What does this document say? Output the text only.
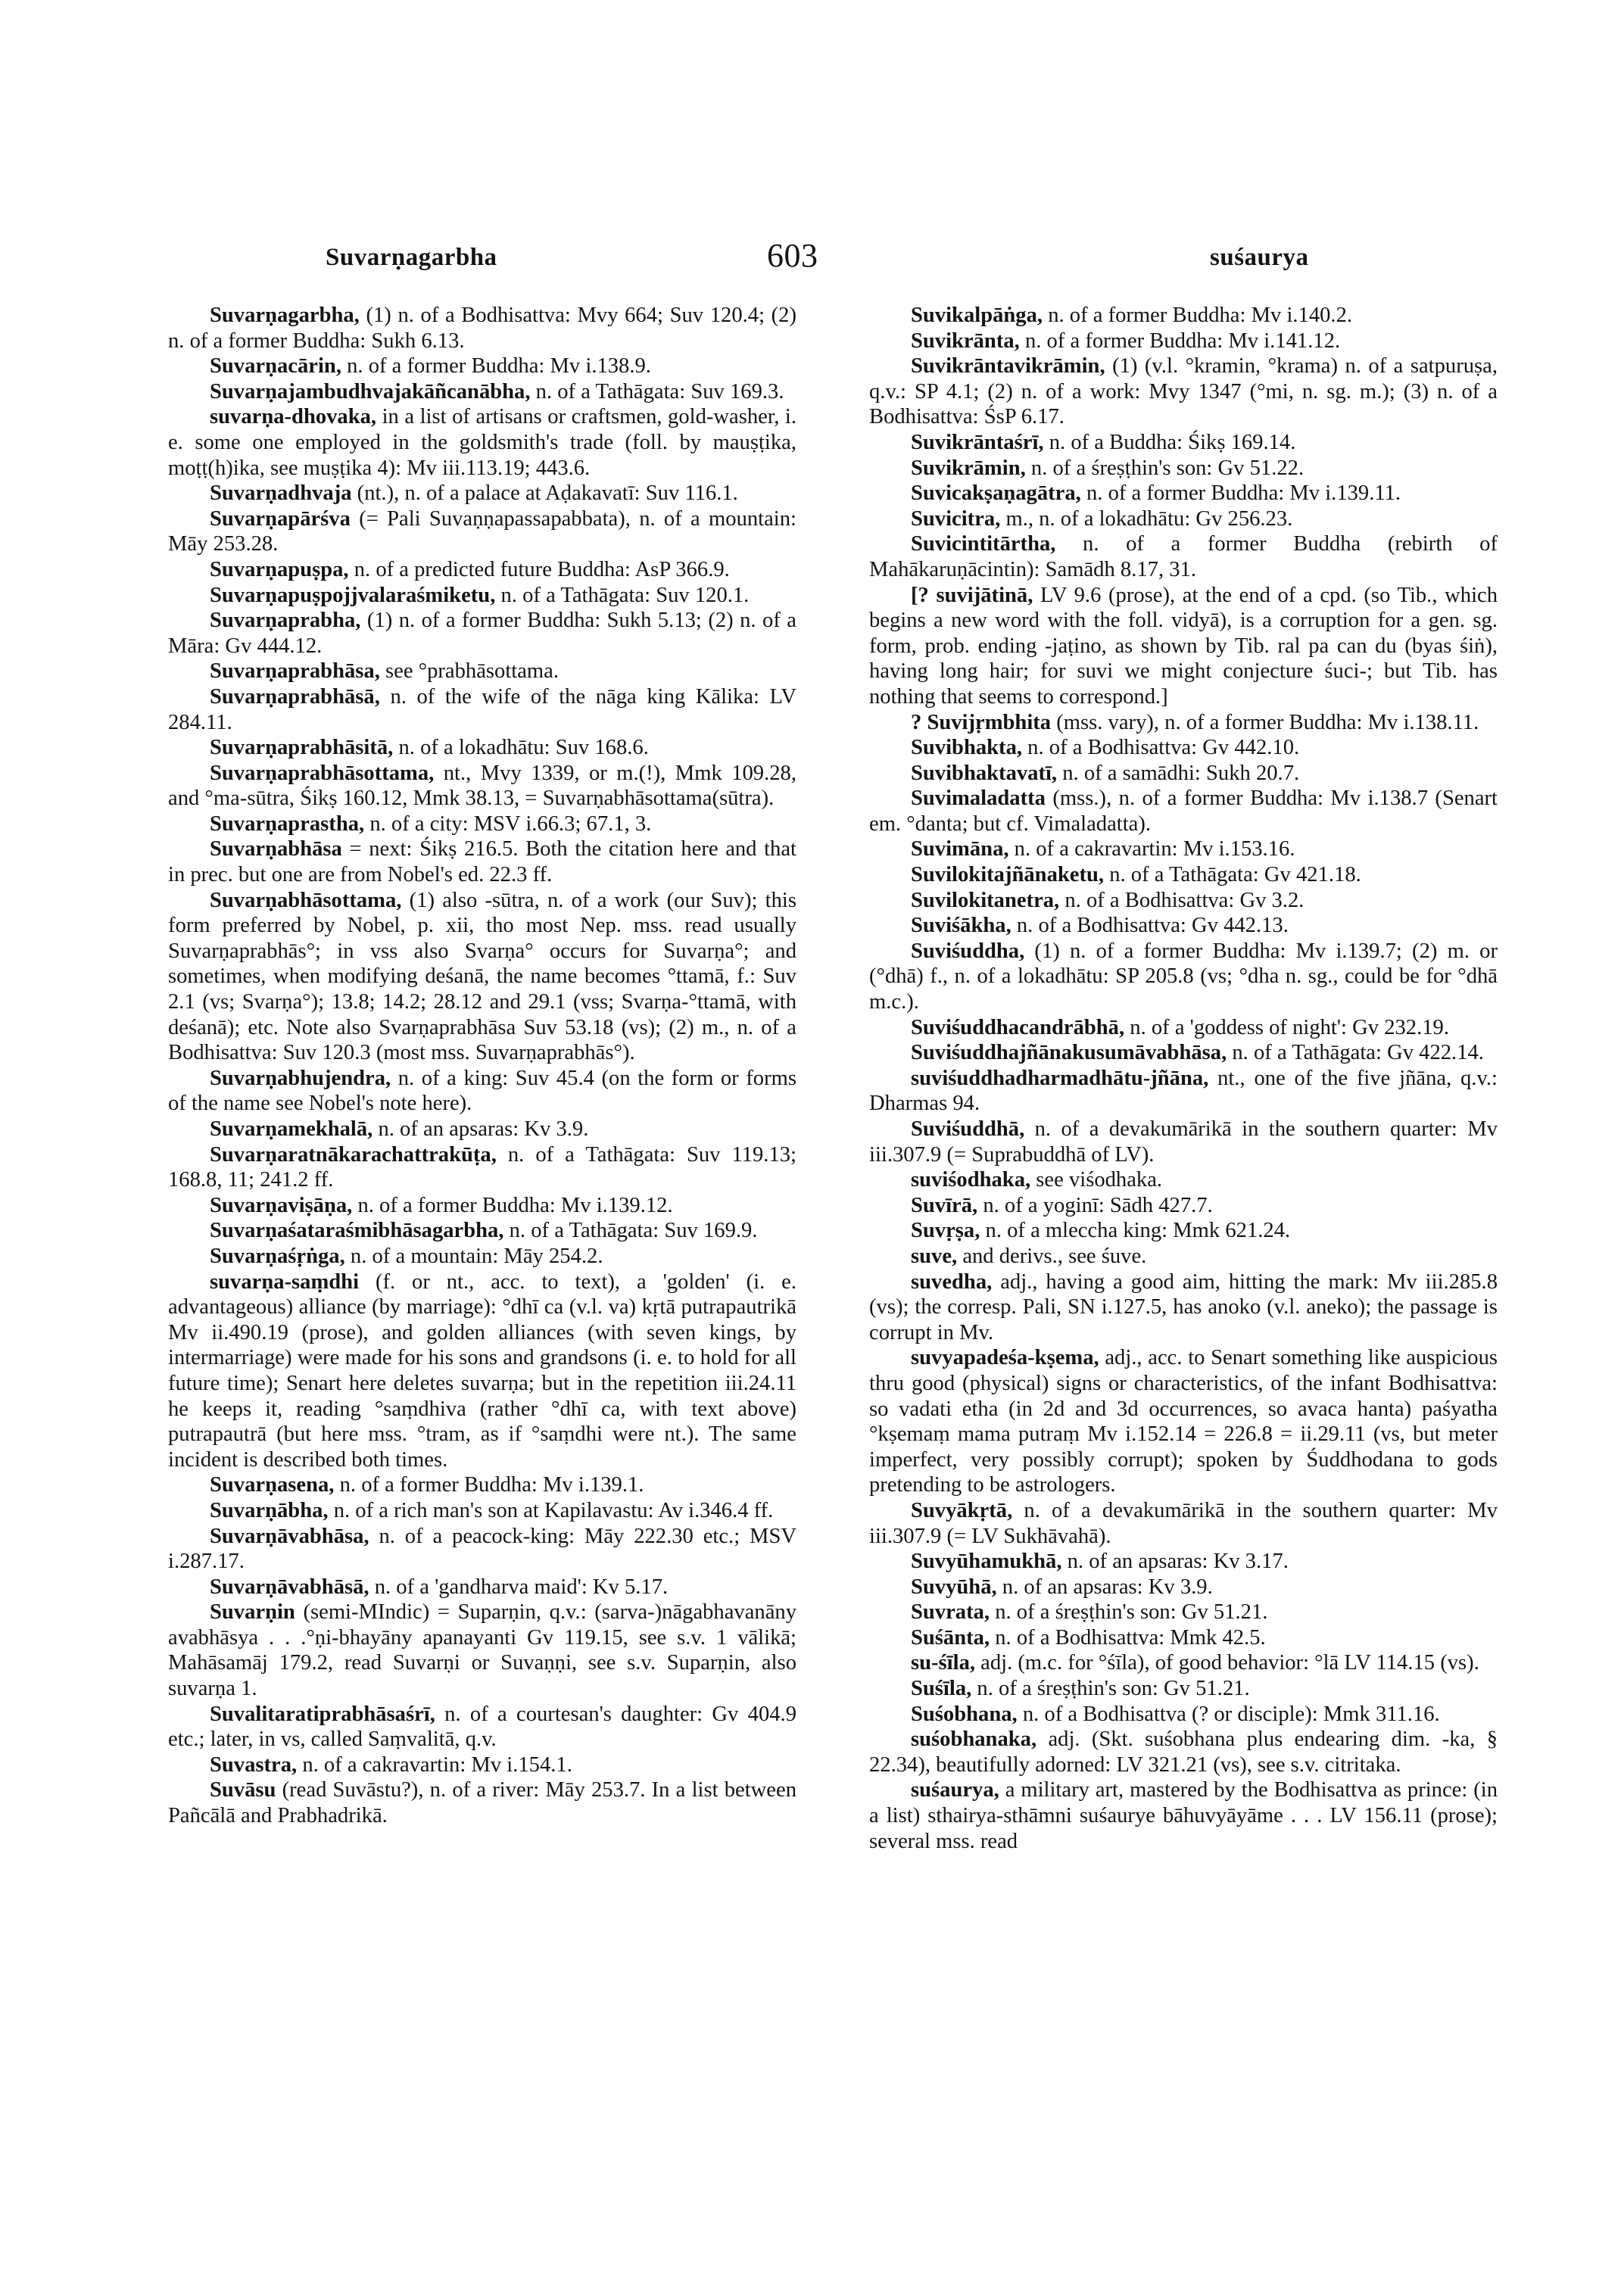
Suvarṇagarbha	603	suśaurya

Suvarṇagarbha, (1) n. of a Bodhisattva: Mvy 664; Suv 120.4; (2) n. of a former Buddha: Sukh 6.13.

Suvarṇacārin, n. of a former Buddha: Mv i.138.9.

Suvarṇajambudhvajakāñcanābha, n. of a Tathāgata: Suv 169.3.

suvarṇa-dhovaka, in a list of artisans or craftsmen, gold-washer, i. e. some one employed in the goldsmith's trade (foll. by mauṣṭika, moṭṭ(h)ika, see muṣṭika 4): Mv iii.113.19; 443.6.

Suvarṇadhvaja (nt.), n. of a palace at Aḍakavatī: Suv 116.1.

Suvarṇapārśva (= Pali Suvaṇṇapassapabbata), n. of a mountain: Māy 253.28.

Suvarṇapuṣpa, n. of a predicted future Buddha: AsP 366.9.

Suvarṇapuṣpojjvalaraśmiketu, n. of a Tathāgata: Suv 120.1.

Suvarṇaprabha, (1) n. of a former Buddha: Sukh 5.13; (2) n. of a Māra: Gv 444.12.

Suvarṇaprabhāsa, see °prabhāsottama.

Suvarṇaprabhāsā, n. of the wife of the nāga king Kālika: LV 284.11.

Suvarṇaprabhāsitā, n. of a lokadhātu: Suv 168.6.

Suvarṇaprabhāsottama, nt., Mvy 1339, or m.(!), Mmk 109.28, and °ma-sūtra, Śikṣ 160.12, Mmk 38.13, = Suvarṇabhāsottama(sūtra).

Suvarṇaprastha, n. of a city: MSV i.66.3; 67.1, 3.

Suvarṇabhāsa = next: Śikṣ 216.5. Both the citation here and that in prec. but one are from Nobel's ed. 22.3 ff.

Suvarṇabhāsottama, (1) also -sūtra, n. of a work (our Suv); this form preferred by Nobel, p. xii, tho most Nep. mss. read usually Suvarṇaprabhās°; in vss also Svarṇa° occurs for Suvarṇa°; and sometimes, when modifying deśanā, the name becomes °ttamā, f.: Suv 2.1 (vs; Svarṇa°); 13.8; 14.2; 28.12 and 29.1 (vss; Svarṇa-°ttamā, with deśanā); etc. Note also Svarṇaprabhāsa Suv 53.18 (vs); (2) m., n. of a Bodhisattva: Suv 120.3 (most mss. Suvarṇaprabhās°).

Suvarṇabhujendra, n. of a king: Suv 45.4 (on the form or forms of the name see Nobel's note here).

Suvarṇamekhalā, n. of an apsaras: Kv 3.9.

Suvarṇaratnākarachattrakūṭa, n. of a Tathāgata: Suv 119.13; 168.8, 11; 241.2 ff.

Suvarṇaviṣāṇa, n. of a former Buddha: Mv i.139.12.

Suvarṇaśataraśmibhāsagarbha, n. of a Tathāgata: Suv 169.9.

Suvarṇaśṛṅga, n. of a mountain: Māy 254.2.

suvarṇa-saṃdhi (f. or nt., acc. to text), a 'golden' (i. e. advantageous) alliance (by marriage): °dhī ca (v.l. va) kṛtā putrapautrikā Mv ii.490.19 (prose), and golden alliances (with seven kings, by intermarriage) were made for his sons and grandsons (i. e. to hold for all future time); Senart here deletes suvarṇa; but in the repetition iii.24.11 he keeps it, reading °saṃdhiva (rather °dhī ca, with text above) putrapautrā (but here mss. °tram, as if °saṃdhi were nt.). The same incident is described both times.

Suvarṇasena, n. of a former Buddha: Mv i.139.1.

Suvarṇābha, n. of a rich man's son at Kapilavastu: Av i.346.4 ff.

Suvarṇāvabhāsa, n. of a peacock-king: Māy 222.30 etc.; MSV i.287.17.

Suvarṇāvabhāsā, n. of a 'gandharva maid': Kv 5.17.

Suvarṇin (semi-MIndic) = Suparṇin, q.v.: (sarva-)nāgabhavanāny avabhāsya . . .°ṇi-bhayāny apanayanti Gv 119.15, see s.v. 1 vālikā; Mahāsamāj 179.2, read Suvarṇi or Suvaṇṇi, see s.v. Suparṇin, also suvarṇa 1.

Suvalitaratiprabhāsaśrī, n. of a courtesan's daughter: Gv 404.9 etc.; later, in vs, called Saṃvalitā, q.v.

Suvastra, n. of a cakravartin: Mv i.154.1.

Suvāsu (read Suvāstu?), n. of a river: Māy 253.7. In a list between Pañcālā and Prabhadrikā.

Suvikalpāṅga, n. of a former Buddha: Mv i.140.2.

Suvikrānta, n. of a former Buddha: Mv i.141.12.

Suvikrāntavikrāmin, (1) (v.l. °kramin, °krama) n. of a satpuruṣa, q.v.: SP 4.1; (2) n. of a work: Mvy 1347 (°mi, n. sg. m.); (3) n. of a Bodhisattva: ŚsP 6.17.

Suvikrāntaśrī, n. of a Buddha: Śikṣ 169.14.

Suvikrāmin, n. of a śreṣṭhin's son: Gv 51.22.

Suvicakṣaṇagātra, n. of a former Buddha: Mv i.139.11.

Suvicitra, m., n. of a lokadhātu: Gv 256.23.

Suvicintitārtha, n. of a former Buddha (rebirth of Mahākaruṇācintin): Samādh 8.17, 31.

[? suvijātinā, LV 9.6 (prose), at the end of a cpd. (so Tib., which begins a new word with the foll. vidyā), is a corruption for a gen. sg. form, prob. ending -jaṭino, as shown by Tib. ral pa can du (byas śiṅ), having long hair; for suvi we might conjecture śuci-; but Tib. has nothing that seems to correspond.]

? Suvijṛmbhita (mss. vary), n. of a former Buddha: Mv i.138.11.

Suvibhakta, n. of a Bodhisattva: Gv 442.10.

Suvibhaktavatī, n. of a samādhi: Sukh 20.7.

Suvimaladatta (mss.), n. of a former Buddha: Mv i.138.7 (Senart em. °danta; but cf. Vimaladatta).

Suvimāna, n. of a cakravartin: Mv i.153.16.

Suvilokitajñānaketu, n. of a Tathāgata: Gv 421.18.

Suvilokitanetra, n. of a Bodhisattva: Gv 3.2.

Suviśākha, n. of a Bodhisattva: Gv 442.13.

Suviśuddha, (1) n. of a former Buddha: Mv i.139.7; (2) m. or (°dhā) f., n. of a lokadhātu: SP 205.8 (vs; °dha n. sg., could be for °dhā m.c.).

Suviśuddhacandrābhā, n. of a 'goddess of night': Gv 232.19.

Suviśuddhajñānakusumāvabhāsa, n. of a Tathāgata: Gv 422.14.

suviśuddhadharmadhātu-jñāna, nt., one of the five jñāna, q.v.: Dharmas 94.

Suviśuddhā, n. of a devakumārikā in the southern quarter: Mv iii.307.9 (= Suprabuddhā of LV).

suviśodhaka, see viśodhaka.

Suvīrā, n. of a yoginī: Sādh 427.7.

Suvṛṣa, n. of a mleccha king: Mmk 621.24.

suve, and derivs., see śuve.

suvedha, adj., having a good aim, hitting the mark: Mv iii.285.8 (vs); the corresp. Pali, SN i.127.5, has anoko (v.l. aneko); the passage is corrupt in Mv.

suvyapadeśa-kṣema, adj., acc. to Senart something like auspicious thru good (physical) signs or characteristics, of the infant Bodhisattva: so vadati etha (in 2d and 3d occurrences, so avaca hanta) paśyatha °kṣemaṃ mama putraṃ Mv i.152.14 = 226.8 = ii.29.11 (vs, but meter imperfect, very possibly corrupt); spoken by Śuddhodana to gods pretending to be astrologers.

Suvyākṛtā, n. of a devakumārikā in the southern quarter: Mv iii.307.9 (= LV Sukhāvahā).

Suvyūhamukhā, n. of an apsaras: Kv 3.17.

Suvyūhā, n. of an apsaras: Kv 3.9.

Suvrata, n. of a śreṣṭhin's son: Gv 51.21.

Suśānta, n. of a Bodhisattva: Mmk 42.5.

su-śīla, adj. (m.c. for °śīla), of good behavior: °lā LV 114.15 (vs).

Suśīla, n. of a śreṣṭhin's son: Gv 51.21.

Suśobhana, n. of a Bodhisattva (? or disciple): Mmk 311.16.

suśobhanaka, adj. (Skt. suśobhana plus endearing dim. -ka, § 22.34), beautifully adorned: LV 321.21 (vs), see s.v. citritaka.

suśaurya, a military art, mastered by the Bodhisattva as prince: (in a list) sthairya-sthāmni suśaurye bāhuvyāyāme . . . LV 156.11 (prose); several mss. read
